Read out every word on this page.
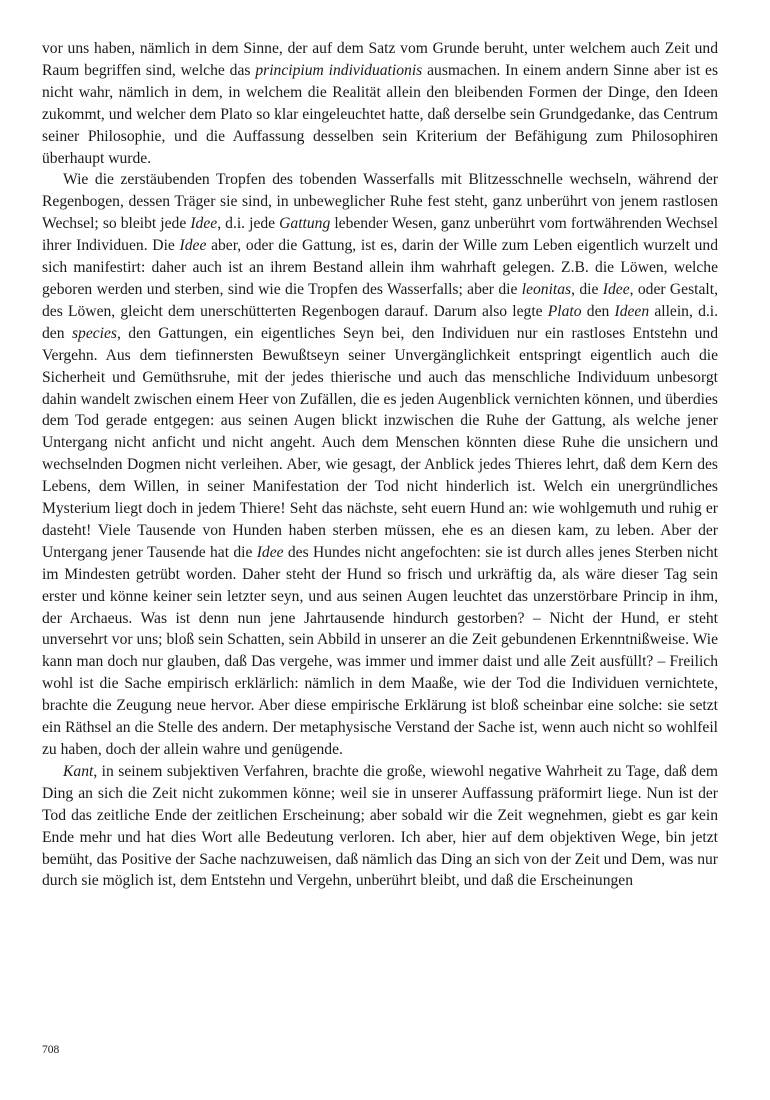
vor uns haben, nämlich in dem Sinne, der auf dem Satz vom Grunde beruht, unter welchem auch Zeit und Raum begriffen sind, welche das principium individuationis ausmachen. In einem andern Sinne aber ist es nicht wahr, nämlich in dem, in welchem die Realität allein den bleibenden Formen der Dinge, den Ideen zukommt, und welcher dem Plato so klar eingeleuchtet hatte, daß derselbe sein Grundgedanke, das Centrum seiner Philosophie, und die Auffassung desselben sein Kriterium der Befähigung zum Philosophiren überhaupt wurde.

Wie die zerstäubenden Tropfen des tobenden Wasserfalls mit Blitzesschnelle wechseln, während der Regenbogen, dessen Träger sie sind, in unbeweglicher Ruhe fest steht, ganz unberührt von jenem rastlosen Wechsel; so bleibt jede Idee, d.i. jede Gattung lebender Wesen, ganz unberührt vom fortwährenden Wechsel ihrer Individuen. Die Idee aber, oder die Gattung, ist es, darin der Wille zum Leben eigentlich wurzelt und sich manifestirt: daher auch ist an ihrem Bestand allein ihm wahrhaft gelegen. Z.B. die Löwen, welche geboren werden und sterben, sind wie die Tropfen des Wasserfalls; aber die leonitas, die Idee, oder Gestalt, des Löwen, gleicht dem unerschütterten Regenbogen darauf. Darum also legte Plato den Ideen allein, d.i. den species, den Gattungen, ein eigentliches Seyn bei, den Individuen nur ein rastloses Entstehn und Vergehn. Aus dem tiefinnersten Bewußtseyn seiner Unvergänglichkeit entspringt eigentlich auch die Sicherheit und Gemüthsruhe, mit der jedes thierische und auch das menschliche Individuum unbesorgt dahin wandelt zwischen einem Heer von Zufällen, die es jeden Augenblick vernichten können, und überdies dem Tod gerade entgegen: aus seinen Augen blickt inzwischen die Ruhe der Gattung, als welche jener Untergang nicht anficht und nicht angeht. Auch dem Menschen könnten diese Ruhe die unsichern und wechselnden Dogmen nicht verleihen. Aber, wie gesagt, der Anblick jedes Thieres lehrt, daß dem Kern des Lebens, dem Willen, in seiner Manifestation der Tod nicht hinderlich ist. Welch ein unergründliches Mysterium liegt doch in jedem Thiere! Seht das nächste, seht euern Hund an: wie wohlgemuth und ruhig er dasteht! Viele Tausende von Hunden haben sterben müssen, ehe es an diesen kam, zu leben. Aber der Untergang jener Tausende hat die Idee des Hundes nicht angefochten: sie ist durch alles jenes Sterben nicht im Mindesten getrübt worden. Daher steht der Hund so frisch und urkräftig da, als wäre dieser Tag sein erster und könne keiner sein letzter seyn, und aus seinen Augen leuchtet das unzerstörbare Princip in ihm, der Archaeus. Was ist denn nun jene Jahrtausende hindurch gestorben? – Nicht der Hund, er steht unversehrt vor uns; bloß sein Schatten, sein Abbild in unserer an die Zeit gebundenen Erkenntnißweise. Wie kann man doch nur glauben, daß Das vergehe, was immer und immer daist und alle Zeit ausfüllt? – Freilich wohl ist die Sache empirisch erklärlich: nämlich in dem Maaße, wie der Tod die Individuen vernichtete, brachte die Zeugung neue hervor. Aber diese empirische Erklärung ist bloß scheinbar eine solche: sie setzt ein Räthsel an die Stelle des andern. Der metaphysische Verstand der Sache ist, wenn auch nicht so wohlfeil zu haben, doch der allein wahre und genügende.

Kant, in seinem subjektiven Verfahren, brachte die große, wiewohl negative Wahrheit zu Tage, daß dem Ding an sich die Zeit nicht zukommen könne; weil sie in unserer Auffassung präformirt liege. Nun ist der Tod das zeitliche Ende der zeitlichen Erscheinung; aber sobald wir die Zeit wegnehmen, giebt es gar kein Ende mehr und hat dies Wort alle Bedeutung verloren. Ich aber, hier auf dem objektiven Wege, bin jetzt bemüht, das Positive der Sache nachzuweisen, daß nämlich das Ding an sich von der Zeit und Dem, was nur durch sie möglich ist, dem Entstehn und Vergehn, unberührt bleibt, und daß die Erscheinungen

708
